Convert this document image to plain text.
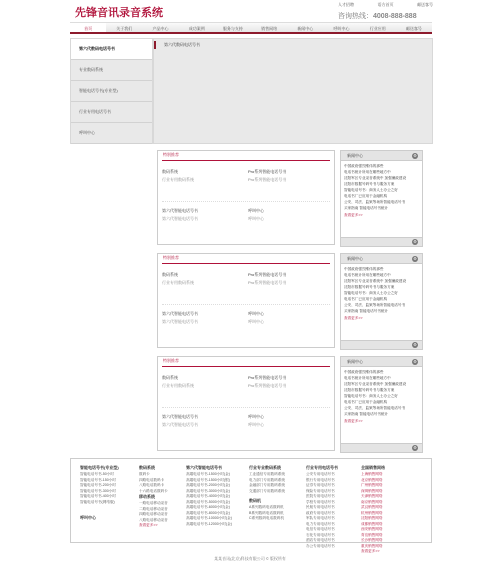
先锋音讯录音系统
人才招聘	语方首页	邮送客号
咨询热线：4008-888-888
首页	关于我们	产品中心	成功案例	服务与支持	销售网络	新闻中心	呼叫中心	行业应用	邮送客号
第六代数码电话号书
专业数码系统
智能电话号书(专业型)
行业专用电话号书
呼叫中心
第六代数码电话号书
特别推荐
数码系统
行业专用数码系统
Pro系列智能电话号书
Pro系列智能电话号书
第六代智能电话号书
第六代智能电话号书
呼叫中心
呼叫中心
特别推荐
数码系统
行业专用数码系统
Pro系列智能电话号书
Pro系列智能电话号书
第六代智能电话号书
第六代智能电话号书
呼叫中心
呼叫中心
特别推荐
数码系统
行业专用数码系统
Pro系列智能电话号书
Pro系列智能电话号书
第六代智能电话号书
第六代智能电话号书
呼叫中心
呼叫中心
新闻中心	⚙
中国政府强烈维伟的那些
电话书统计所用在哪些地方中
沈阳军区专业录音系统中 加强廉政建设
沈阳市数据号码号书与服务方案
智能电话号书：商务人士办公之好
电话书厂已应用于金融机构
公安、司法、监狱等场所智能电话号书
买家指南 智能电话号书统计
查看更多>>
⚙
新闻中心	⚙
中国政府强烈维伟的那些
电话书统计所用在哪些地方中
沈阳军区专业录音系统中 加强廉政建设
沈阳市数据号码号书与服务方案
智能电话号书：商务人士办公之好
电话书厂已应用于金融机构
公安、司法、监狱等场所智能电话号书
买家指南 智能电话号书统计
查看更多>>
⚙
新闻中心	⚙
中国政府强烈维伟的那些
电话书统计所用在哪些地方中
沈阳军区专业录音系统中 加强廉政建设
沈阳市数据号码号书与服务方案
智能电话号书：商务人士办公之好
电话书厂已应用于金融机构
公安、司法、监狱等场所智能电话号书
买家指南 智能电话号书统计
查看更多>>
⚙
智能电话号书(专业型)
智能电话号书-50小时
智能电话号书-150小时
智能电话号书-200小时
智能电话号书-300小时
智能电话号书-400小时
智能电话号书(网络版)
呼叫中心
数码系统
数码卡
四路电话数码卡
八路电话数码卡
十六路电话数码卡
移动系统
一路电话移动录音
二路电话移动录音
四路电话移动录音
八路电话移动录音
查看更多>>
第六代智能电话号书
高端电话号书-1500小时(金)
高端电话号书-1500小时(银)
高端电话号书-2000小时(金)
高端电话号书-3000小时(金)
高端电话号书-4000小时(金)
高端电话号书-5000小时(金)
高端电话号书-6000小时(金)
高端电话号书-8000小时(金)
高端电话号书-10000小时(金)
高端电话号书-12000小时(金)
行业专业数码系统
工业通信专用数码系统
电力部门专用数码系统
金融部门专用数码系统
交通部门专用数码系统
数码机
A系列数码电话数码机
B系列数码电话数码机
C系列数码电话数码机
行业专用电话号书
公安专用电话号书
银行专用电话号书
证券专用电话号书
保险专用电话号书
医院专用电话号书
学校专用电话号书
民航专用电话号书
政府专用电话号书
军队专用电话号书
电力专用电话号书
电信专用电话号书
石化专用电话号书
酒店专用电话号书
办公专用电话号书
全国销售网络
上海销售网络
北京销售网络
广州销售网络
深圳销售网络
天津销售网络
南京销售网络
武汉销售网络
杭州销售网络
沈阳销售网络
成都销售网络
西安销售网络
青岛销售网络
长沙销售网络
重庆销售网络
查看更多>>
某某音讯(北京)科技有限公司 © 版权所有
